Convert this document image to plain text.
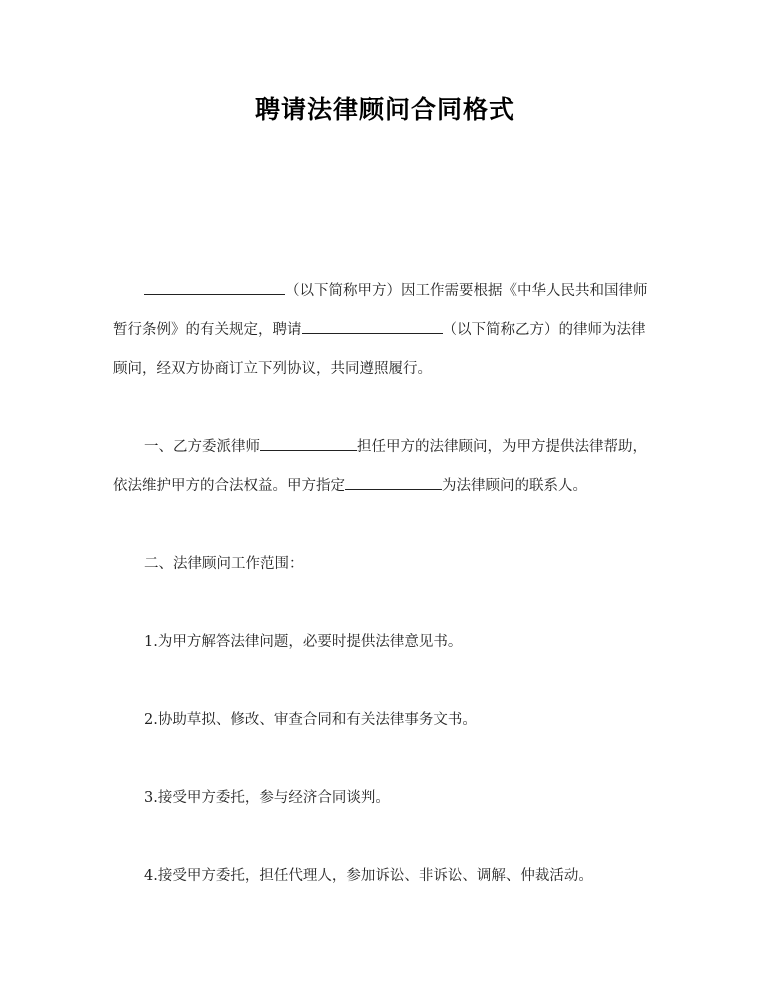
聘请法律顾问合同格式

（以下简称甲方）因工作需要根据《中华人民共和国律师暂行条例》的有关规定，聘请	（以下简称乙方）的律师为法律顾问，经双方协商订立下列协议，共同遵照履行。

一、乙方委派律师	担任甲方的法律顾问，为甲方提供法律帮助，依法维护甲方的合法权益。甲方指定	为法律顾问的联系人。

二、法律顾问工作范围：

1.为甲方解答法律问题，必要时提供法律意见书。

2.协助草拟、修改、审查合同和有关法律事务文书。

3.接受甲方委托，参与经济合同谈判。

4.接受甲方委托，担任代理人，参加诉讼、非诉讼、调解、仲裁活动。
